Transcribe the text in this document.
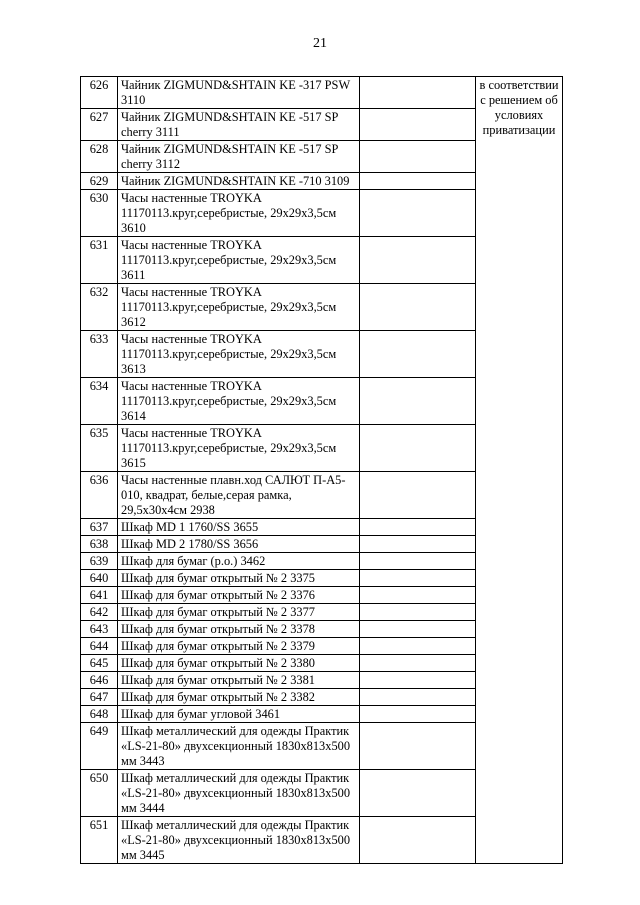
21
626	Чайник ZIGMUND&SHTAIN KE -317 PSW 3110		в соответствии с решением об условиях приватизации
627	Чайник ZIGMUND&SHTAIN KE -517 SP cherry 3111		
628	Чайник ZIGMUND&SHTAIN KE -517 SP cherry 3112		
629	Чайник ZIGMUND&SHTAIN KE -710 3109		
630	Часы настенные TROYKA 11170113.круг,серебристые, 29x29x3,5см 3610		
631	Часы настенные TROYKA 11170113.круг,серебристые, 29x29x3,5см 3611		
632	Часы настенные TROYKA 11170113.круг,серебристые, 29x29x3,5см 3612		
633	Часы настенные TROYKA 11170113.круг,серебристые, 29x29x3,5см 3613		
634	Часы настенные TROYKA 11170113.круг,серебристые, 29x29x3,5см 3614		
635	Часы настенные TROYKA 11170113.круг,серебристые, 29x29x3,5см 3615		
636	Часы настенные плавн.ход САЛЮТ П-А5-010, квадрат, белые,серая рамка, 29,5x30x4см 2938		
637	Шкаф MD 1 1760/SS 3655		
638	Шкаф MD 2 1780/SS 3656		
639	Шкаф для бумаг (р.о.) 3462		
640	Шкаф для бумаг открытый № 2 3375		
641	Шкаф для бумаг открытый № 2 3376		
642	Шкаф для бумаг открытый № 2 3377		
643	Шкаф для бумаг открытый № 2 3378		
644	Шкаф для бумаг открытый № 2 3379		
645	Шкаф для бумаг открытый № 2 3380		
646	Шкаф для бумаг открытый № 2 3381		
647	Шкаф для бумаг открытый № 2 3382		
648	Шкаф для бумаг угловой 3461		
649	Шкаф металлический для одежды Практик «LS-21-80» двухсекционный 1830x813x500 мм 3443		
650	Шкаф металлический для одежды Практик «LS-21-80» двухсекционный 1830x813x500 мм 3444		
651	Шкаф металлический для одежды Практик «LS-21-80» двухсекционный 1830x813x500 мм 3445		
